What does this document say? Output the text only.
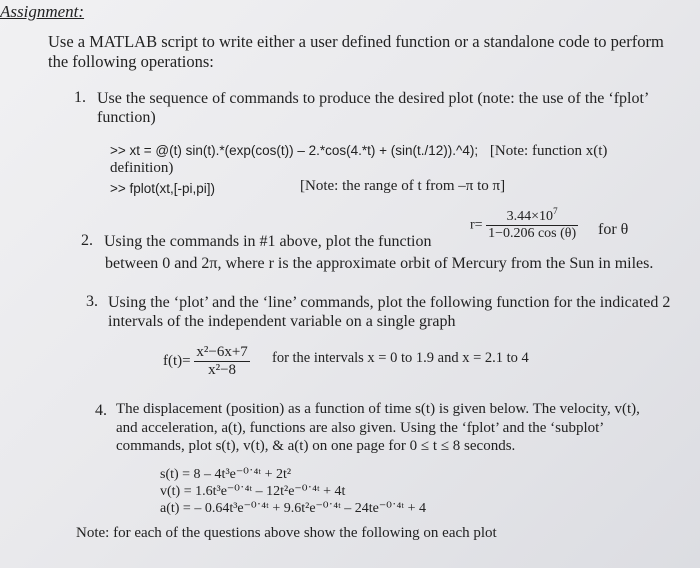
Assignment:
Use a MATLAB script to write either a user defined function or a standalone code to perform
the following operations:
1. Use the sequence of commands to produce the desired plot (note: the use of the ‘fplot’
function)
>> xt = @(t) sin(t).*(exp(cos(t)) – 2.*cos(4.*t) + (sin(t./12)).^4); [Note: function x(t)
definition)
>> fplot(xt,[-pi,pi])	[Note: the range of t from –π to π]
2. Using the commands in #1 above, plot the function
$r= \frac{3.44\times 10^7}{1-0.206 \cos (\theta)}$ for θ
between 0 and 2π, where r is the approximate orbit of Mercury from the Sun in miles.
3. Using the ‘plot’ and the ‘line’ commands, plot the following function for the indicated 2
intervals of the independent variable on a single graph
$f(t)= \frac{\text{x²−6x+7}}{\text{x²−8}}$ for the intervals x = 0 to 1.9 and x = 2.1 to 4
4. The displacement (position) as a function of time s(t) is given below. The velocity, v(t),
and acceleration, a(t), functions are also given. Using the ‘fplot’ and the ‘subplot’
commands, plot s(t), v(t), & a(t) on one page for 0 ≤ t ≤ 8 seconds.
s(t) = 8 – 4t³e⁻⁰˙⁴ᵗ + 2t²
v(t) = 1.6t³e⁻⁰˙⁴ᵗ – 12t²e⁻⁰˙⁴ᵗ + 4t
a(t) = – 0.64t³e⁻⁰˙⁴ᵗ + 9.6t²e⁻⁰˙⁴ᵗ – 24te⁻⁰˙⁴ᵗ + 4
Note: for each of the questions above show the following on each plot
